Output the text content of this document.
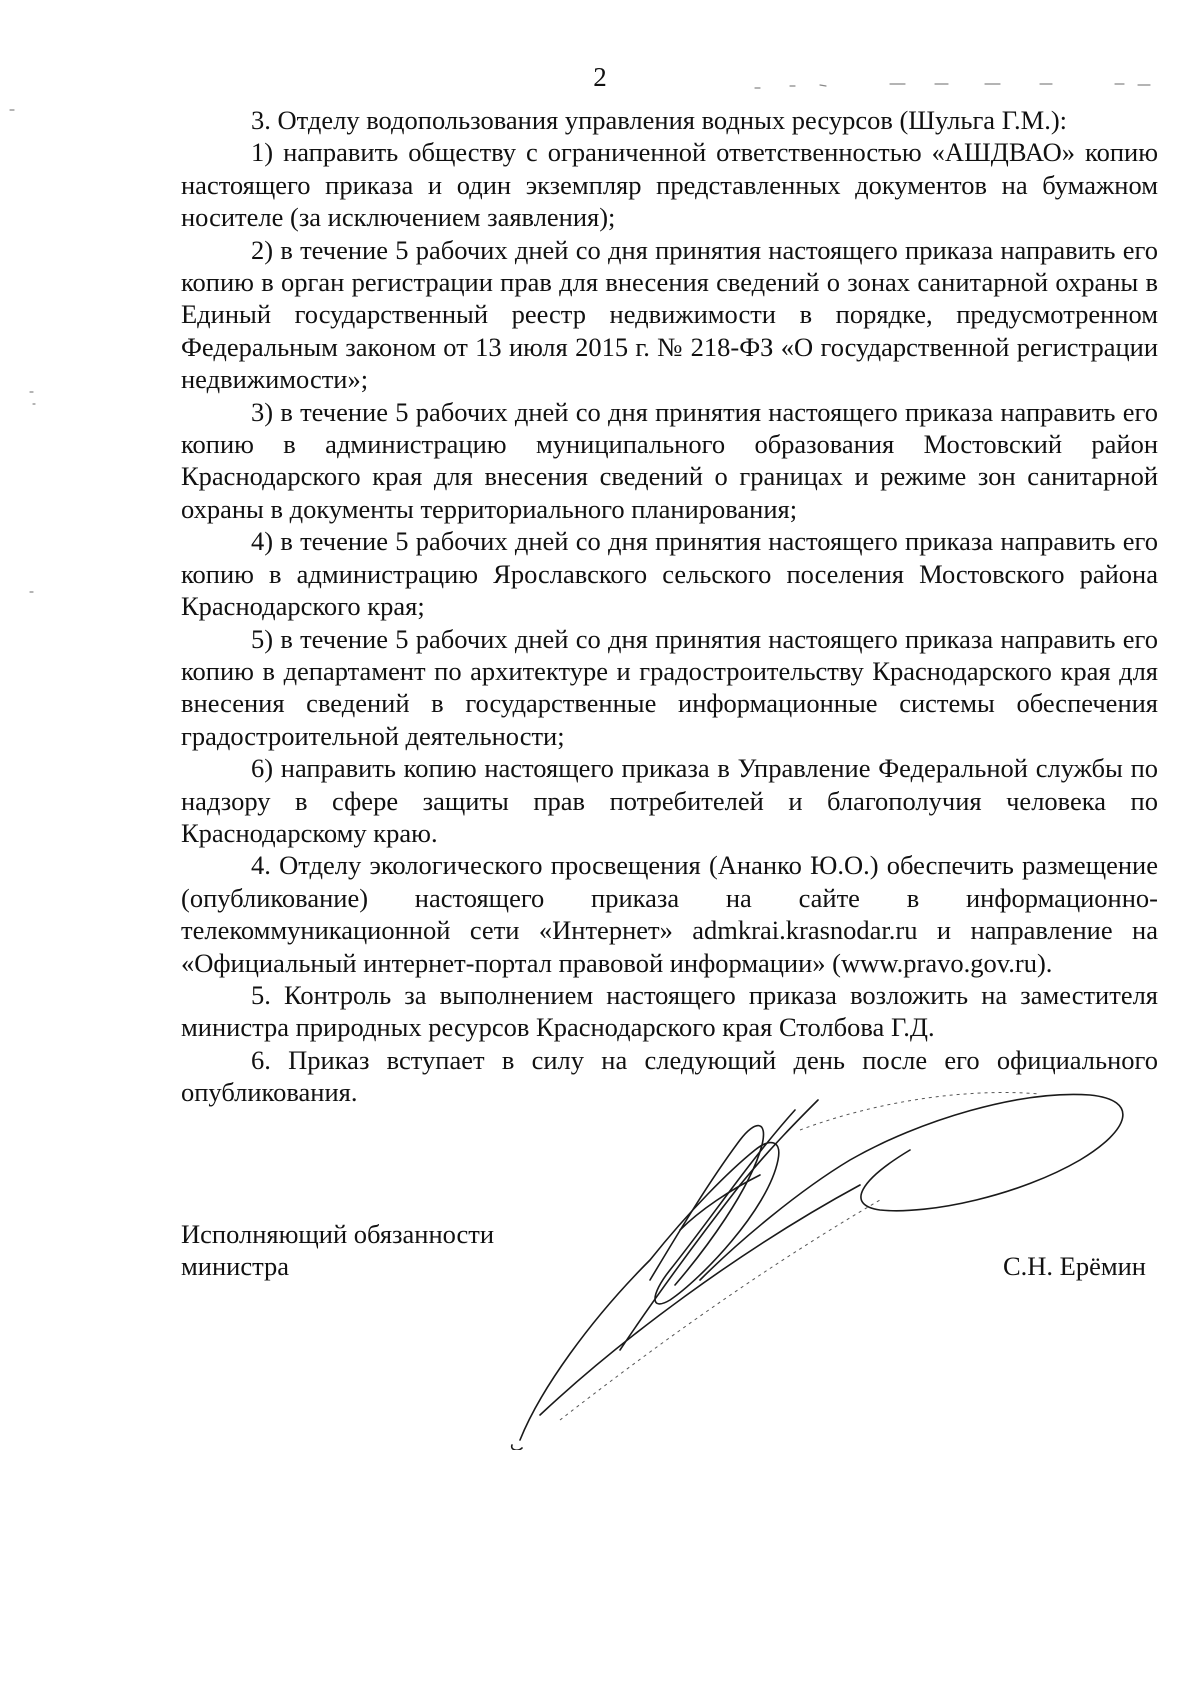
2

3. Отделу водопользования управления водных ресурсов (Шульга Г.М.):

1) направить обществу с ограниченной ответственностью «АШДВАО» копию настоящего приказа и один экземпляр представленных документов на бумажном носителе (за исключением заявления);

2) в течение 5 рабочих дней со дня принятия настоящего приказа направить его копию в орган регистрации прав для внесения сведений о зонах санитарной охраны в Единый государственный реестр недвижимости в порядке, предусмотренном Федеральным законом от 13 июля 2015 г. № 218-ФЗ «О государственной регистрации недвижимости»;

3) в течение 5 рабочих дней со дня принятия настоящего приказа направить его копию в администрацию муниципального образования Мостовский район Краснодарского края для внесения сведений о границах и режиме зон санитарной охраны в документы территориального планирования;

4) в течение 5 рабочих дней со дня принятия настоящего приказа направить его копию в администрацию Ярославского сельского поселения Мостовского района Краснодарского края;

5) в течение 5 рабочих дней со дня принятия настоящего приказа направить его копию в департамент по архитектуре и градостроительству Краснодарского края для внесения сведений в государственные информационные системы обеспечения градостроительной деятельности;

6) направить копию настоящего приказа в Управление Федеральной службы по надзору в сфере защиты прав потребителей и благополучия человека по Краснодарскому краю.

4. Отделу экологического просвещения (Ананко Ю.О.) обеспечить размещение (опубликование) настоящего приказа на сайте в информационно-телекоммуникационной сети «Интернет» admkrai.krasnodar.ru и направление на «Официальный интернет-портал правовой информации» (www.pravo.gov.ru).

5. Контроль за выполнением настоящего приказа возложить на заместителя министра природных ресурсов Краснодарского края Столбова Г.Д.

6. Приказ вступает в силу на следующий день после его официального опубликования.

Исполняющий обязанности
министра	С.Н. Ерёмин
